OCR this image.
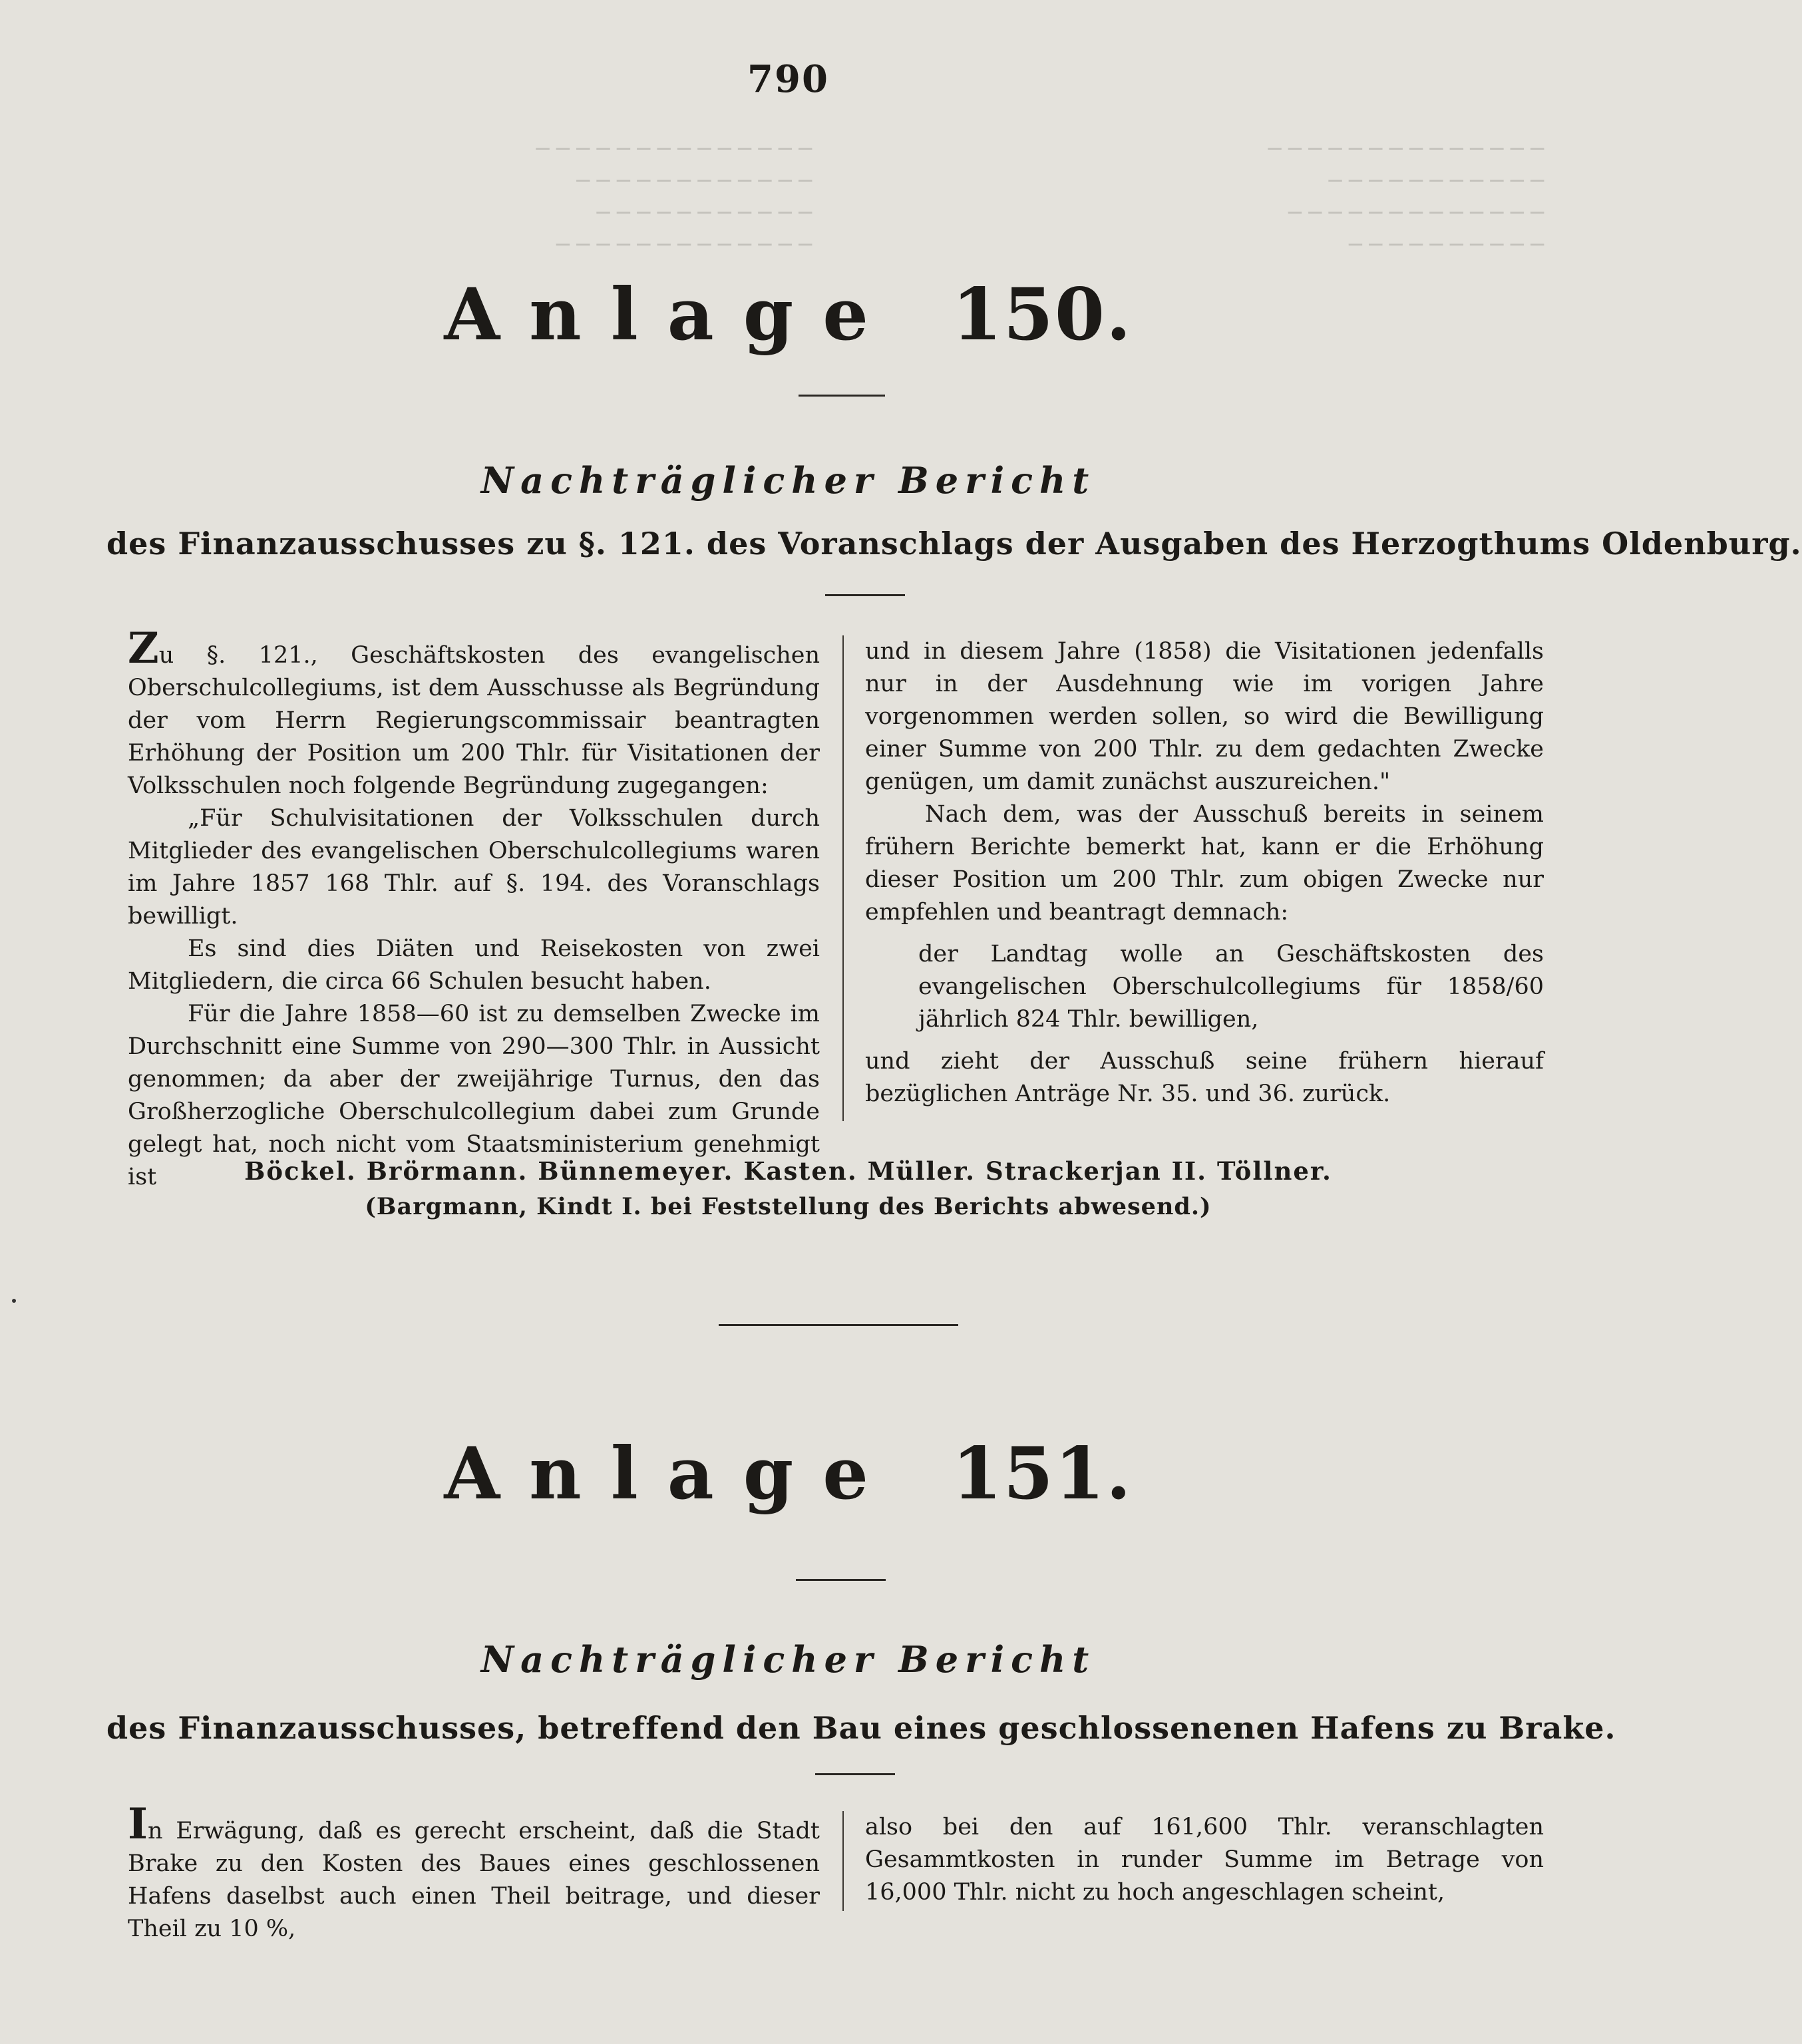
─ ─ ─ ─ ─ ─ ─ ─ ─ ─ ─ ─ ─ ─
─ ─ ─ ─ ─ ─ ─ ─ ─ ─ ─ ─
─ ─ ─ ─ ─ ─ ─ ─ ─ ─ ─
─ ─ ─ ─ ─ ─ ─ ─ ─ ─ ─ ─ ─
─ ─ ─ ─ ─ ─ ─ ─ ─ ─ ─ ─ ─ ─
─ ─ ─ ─ ─ ─ ─ ─ ─ ─ ─
─ ─ ─ ─ ─ ─ ─ ─ ─ ─ ─ ─ ─
─ ─ ─ ─ ─ ─ ─ ─ ─ ─
790
Anlage 150.
Nachträglicher Bericht
des Finanzausschusses zu §. 121. des Voranschlags der Ausgaben des Herzogthums Oldenburg.

Zu §. 121., Geschäftskosten des evangelischen Oberschulcollegiums, ist dem Ausschusse als Begründung der vom Herrn Regierungscommissair beantragten Erhöhung der Position um 200 Thlr. für Visitationen der Volksschulen noch folgende Begründung zugegangen:

„Für Schulvisitationen der Volksschulen durch Mitglieder des evangelischen Oberschulcollegiums waren im Jahre 1857 168 Thlr. auf §. 194. des Voranschlags bewilligt.

Es sind dies Diäten und Reisekosten von zwei Mitgliedern, die circa 66 Schulen besucht haben.

Für die Jahre 1858—60 ist zu demselben Zwecke im Durchschnitt eine Summe von 290—300 Thlr. in Aussicht genommen; da aber der zweijährige Turnus, den das Großherzogliche Oberschulcollegium dabei zum Grunde gelegt hat, noch nicht vom Staatsministerium genehmigt ist

und in diesem Jahre (1858) die Visitationen jedenfalls nur in der Ausdehnung wie im vorigen Jahre vorgenommen werden sollen, so wird die Bewilligung einer Summe von 200 Thlr. zu dem gedachten Zwecke genügen, um damit zunächst auszureichen."

Nach dem, was der Ausschuß bereits in seinem frühern Berichte bemerkt hat, kann er die Erhöhung dieser Position um 200 Thlr. zum obigen Zwecke nur empfehlen und beantragt demnach:

der Landtag wolle an Geschäftskosten des evangelischen Oberschulcollegiums für 1858/60 jährlich 824 Thlr. bewilligen,

und zieht der Ausschuß seine frühern hierauf bezüglichen Anträge Nr. 35. und 36. zurück.

Böckel. Brörmann. Bünnemeyer. Kasten. Müller. Strackerjan II. Töllner.
(Bargmann, Kindt I. bei Feststellung des Berichts abwesend.)
Anlage 151.
Nachträglicher Bericht
des Finanzausschusses, betreffend den Bau eines geschlossenenen Hafens zu Brake.

In Erwägung, daß es gerecht erscheint, daß die Stadt Brake zu den Kosten des Baues eines geschlossenen Hafens daselbst auch einen Theil beitrage, und dieser Theil zu 10 %,

also bei den auf 161,600 Thlr. veranschlagten Gesammtkosten in runder Summe im Betrage von 16,000 Thlr. nicht zu hoch angeschlagen scheint,
